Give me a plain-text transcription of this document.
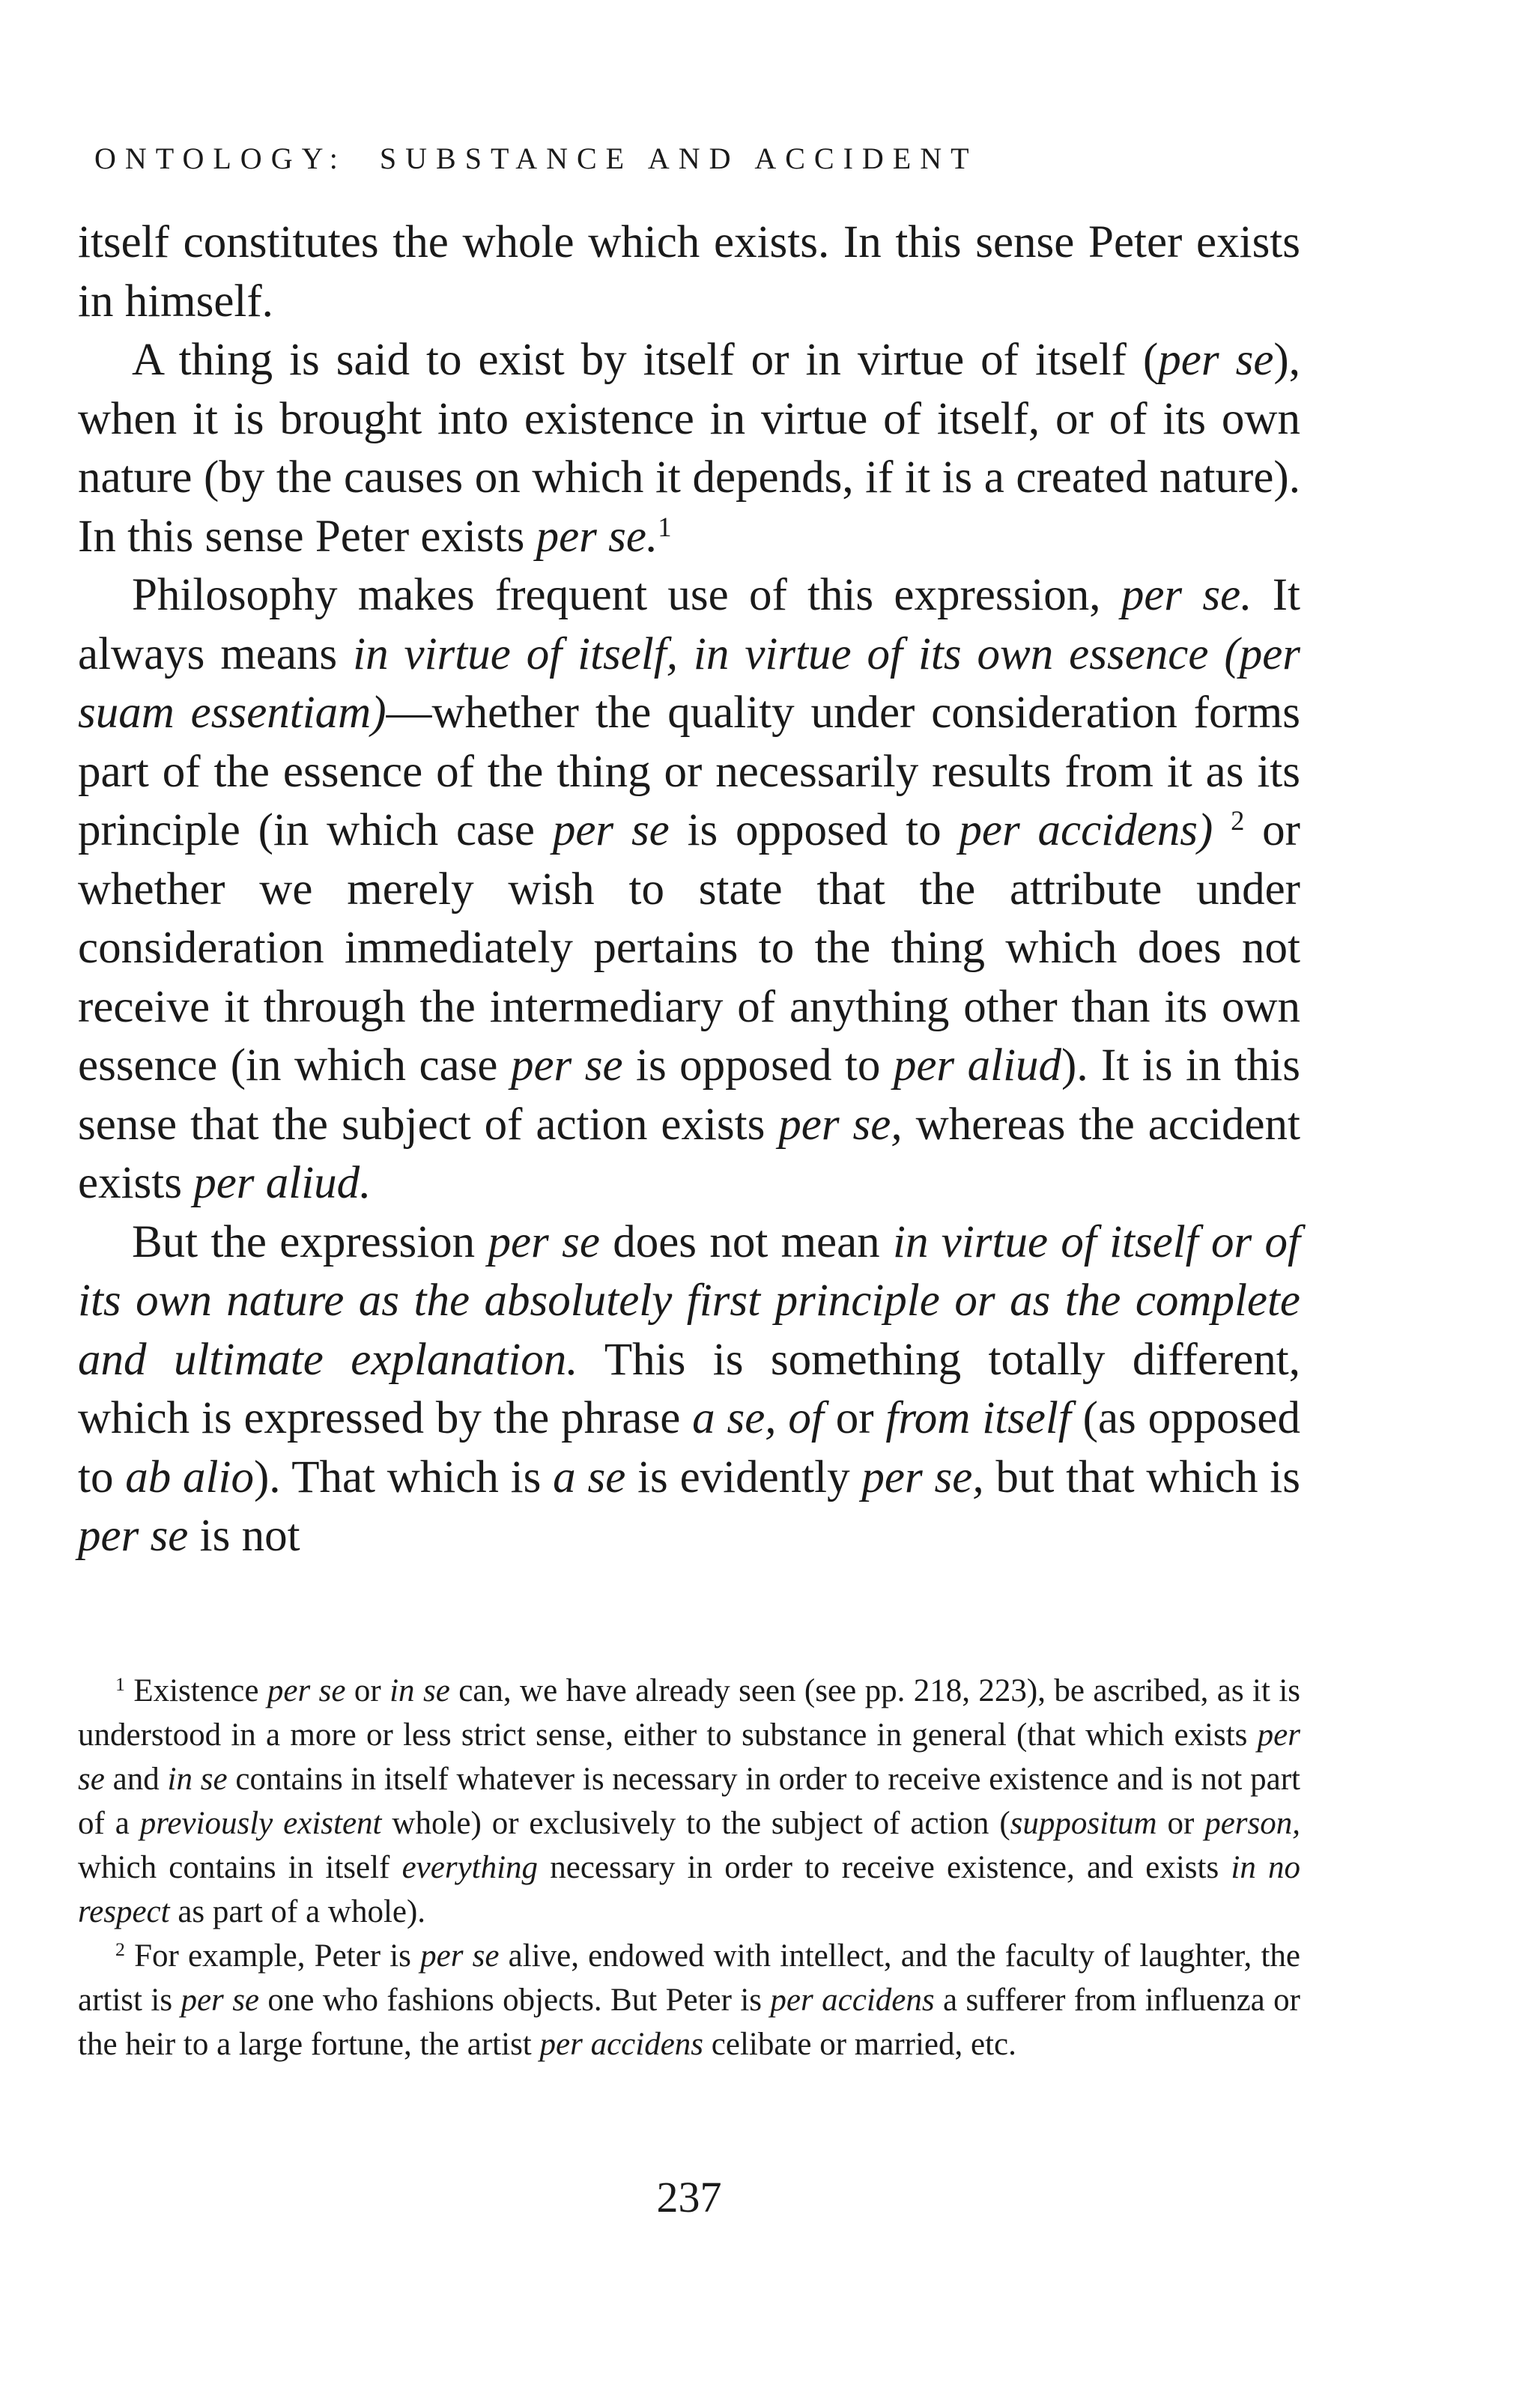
ONTOLOGY: SUBSTANCE AND ACCIDENT

itself constitutes the whole which exists. In this sense Peter exists in himself.

A thing is said to exist by itself or in virtue of itself (per se), when it is brought into existence in virtue of itself, or of its own nature (by the causes on which it depends, if it is a created nature). In this sense Peter exists per se.$^1$

Philosophy makes frequent use of this expression, per se. It always means in virtue of itself, in virtue of its own essence (per suam essentiam)—whether the quality under consideration forms part of the essence of the thing or necessarily results from it as its principle (in which case per se is opposed to per accidens) $^2$ or whether we merely wish to state that the attribute under consideration immediately pertains to the thing which does not receive it through the intermediary of anything other than its own essence (in which case per se is opposed to per aliud). It is in this sense that the subject of action exists per se, whereas the accident exists per aliud.

But the expression per se does not mean in virtue of itself or of its own nature as the absolutely first principle or as the complete and ultimate explanation. This is something totally different, which is expressed by the phrase a se, of or from itself (as opposed to ab alio). That which is a se is evidently per se, but that which is per se is not

$^1$ Existence per se or in se can, we have already seen (see pp. 218, 223), be ascribed, as it is understood in a more or less strict sense, either to substance in general (that which exists per se and in se contains in itself whatever is necessary in order to receive existence and is not part of a previously existent whole) or exclusively to the subject of action (suppositum or person, which contains in itself everything necessary in order to receive existence, and exists in no respect as part of a whole).

$^2$ For example, Peter is per se alive, endowed with intellect, and the faculty of laughter, the artist is per se one who fashions objects. But Peter is per accidens a sufferer from influenza or the heir to a large fortune, the artist per accidens celibate or married, etc.

237
